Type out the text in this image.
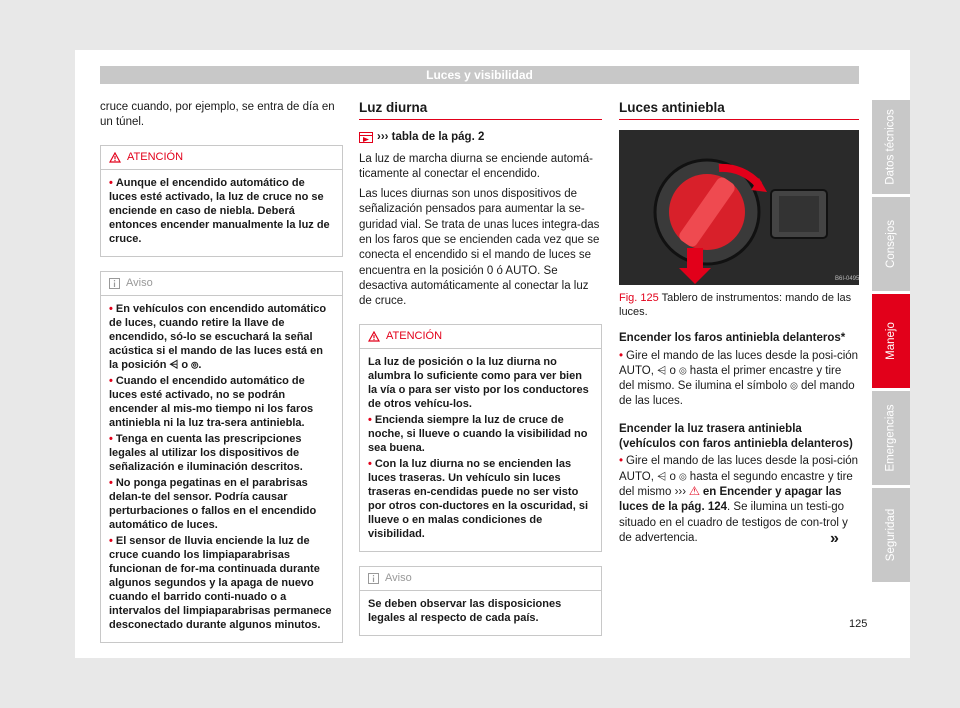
Luces y visibilidad

cruce cuando, por ejemplo, se entra de día en un túnel.

ATENCIÓN

• Aunque el encendido automático de luces esté activado, la luz de cruce no se enciende en caso de niebla. Deberá entonces encender manualmente la luz de cruce.

Aviso

• En vehículos con encendido automático de luces, cuando retire la llave de encendido, só-lo se escuchará la señal acústica si el mando de las luces está en la posición ⩤ o ⦾.

• Cuando el encendido automático de luces esté activado, no se podrán encender al mis-mo tiempo ni los faros antiniebla ni la luz tra-sera antiniebla.

• Tenga en cuenta las prescripciones legales al utilizar los dispositivos de señalización e iluminación descritos.

• No ponga pegatinas en el parabrisas delan-te del sensor. Podría causar perturbaciones o fallos en el encendido automático de luces.

• El sensor de lluvia enciende la luz de cruce cuando los limpiaparabrisas funcionan de for-ma continuada durante algunos segundos y la apaga de nuevo cuando el barrido conti-nuado o a intervalos del limpiaparabrisas permanece desconectado durante algunos minutos.

Luz diurna
››› tabla de la pág. 2

La luz de marcha diurna se enciende automá-ticamente al conectar el encendido.

Las luces diurnas son unos dispositivos de señalización pensados para aumentar la se-guridad vial. Se trata de unas luces integra-das en los faros que se encienden cada vez que se conecta el encendido si el mando de luces se encuentra en la posición 0 ó AUTO. Se desactiva automáticamente al conectar la luz de cruce.

ATENCIÓN

La luz de posición o la luz diurna no alumbra lo suficiente como para ver bien la vía o para ser visto por los conductores de otros vehícu-los.

• Encienda siempre la luz de cruce de noche, si llueve o cuando la visibilidad no sea buena.

• Con la luz diurna no se encienden las luces traseras. Un vehículo sin luces traseras en-cendidas puede no ser visto por otros con-ductores en la oscuridad, si llueve o en malas condiciones de visibilidad.

Aviso

Se deben observar las disposiciones legales al respecto de cada país.

Luces antiniebla
B6I-0495

Fig. 125 Tablero de instrumentos: mando de las luces.

Encender los faros antiniebla delanteros*

• Gire el mando de las luces desde la posi-ción AUTO, ⩤ o ⦾ hasta el primer encastre y tire del mismo. Se ilumina el símbolo ⦾ del mando de las luces.

Encender la luz trasera antiniebla (vehículos con faros antiniebla delanteros)

• Gire el mando de las luces desde la posi-ción AUTO, ⩤ o ⦾ hasta el segundo encastre y tire del mismo ››› ⚠ en Encender y apagar las luces de la pág. 124. Se ilumina un testi-go situado en el cuadro de testigos de con-trol y de advertencia.	»
Datos técnicos
Consejos
Manejo
Emergencias
Seguridad
125
